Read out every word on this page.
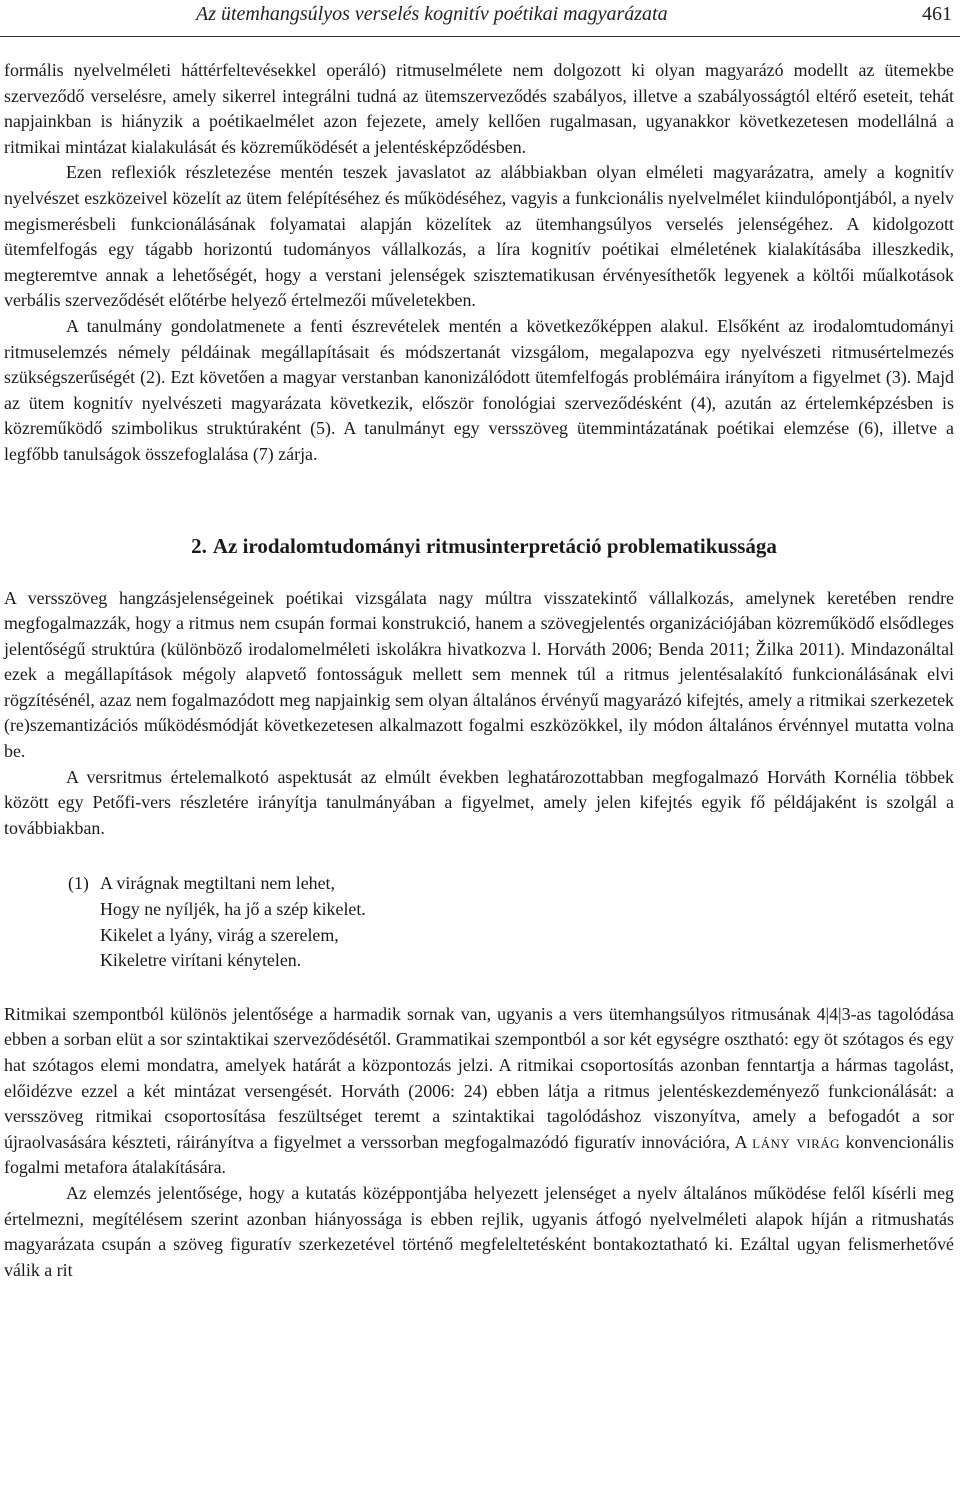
Az ütemhangsúlyos verselés kognitív poétikai magyarázata	461

formális nyelvelméleti háttérfeltevésekkel operáló) ritmuselmélete nem dolgozott ki olyan magyarázó modellt az ütemekbe szerveződő verselésre, amely sikerrel integrálni tudná az ütemszerveződés szabályos, illetve a szabályosságtól eltérő eseteit, tehát napjainkban is hiányzik a poétikaelmélet azon fejezete, amely kellően rugalmasan, ugyanakkor következetesen modellálná a ritmikai mintázat kialakulását és közreműködését a jelentésképződésben.

Ezen reflexiók részletezése mentén teszek javaslatot az alábbiakban olyan elméleti magyarázatra, amely a kognitív nyelvészet eszközeivel közelít az ütem felépítéséhez és működéséhez, vagyis a funkcionális nyelvelmélet kiindulópontjából, a nyelv megismerésbeli funkcionálásának folyamatai alapján közelítek az ütemhangsúlyos verselés jelenségéhez. A kidolgozott ütemfelfogás egy tágabb horizontú tudományos vállalkozás, a líra kognitív poétikai elméletének kialakításába illeszkedik, megteremtve annak a lehetőségét, hogy a verstani jelenségek szisztematikusan érvényesíthetők legyenek a költői műalkotások verbális szerveződését előtérbe helyező értelmezői műveletekben.

A tanulmány gondolatmenete a fenti észrevételek mentén a következőképpen alakul. Elsőként az irodalomtudományi ritmuselemzés némely példáinak megállapításait és módszertanát vizsgálom, megalapozva egy nyelvészeti ritmusértelmezés szükségszerűségét (2). Ezt követően a magyar verstanban kanonizálódott ütemfelfogás problémáira irányítom a figyelmet (3). Majd az ütem kognitív nyelvészeti magyarázata következik, először fonológiai szerveződésként (4), azután az értelemképzésben is közreműködő szimbolikus struktúraként (5). A tanulmányt egy versszöveg ütemmintázatának poétikai elemzése (6), illetve a legfőbb tanulságok összefoglalása (7) zárja.

2. Az irodalomtudományi ritmusinterpretáció problematikussága

A versszöveg hangzásjelenségeinek poétikai vizsgálata nagy múltra visszatekintő vállalkozás, amelynek keretében rendre megfogalmazzák, hogy a ritmus nem csupán formai konstrukció, hanem a szövegjelentés organizációjában közreműködő elsődleges jelentőségű struktúra (különböző irodalomelméleti iskolákra hivatkozva l. Horváth 2006; Benda 2011; Žilka 2011). Mindazonáltal ezek a megállapítások mégoly alapvető fontosságuk mellett sem mennek túl a ritmus jelentésalakító funkcionálásának elvi rögzítésénél, azaz nem fogalmazódott meg napjainkig sem olyan általános érvényű magyarázó kifejtés, amely a ritmikai szerkezetek (re)szemantizációs működésmódját következetesen alkalmazott fogalmi eszközökkel, ily módon általános érvénnyel mutatta volna be.

A versritmus értelemalkotó aspektusát az elmúlt években leghatározottabban megfogalmazó Horváth Kornélia többek között egy Petőfi-vers részletére irányítja tanulmányában a figyelmet, amely jelen kifejtés egyik fő példájaként is szolgál a továbbiakban.

(1) A virágnak megtiltani nem lehet,
Hogy ne nyíljék, ha jő a szép kikelet.
Kikelet a lyány, virág a szerelem,
Kikeletre virítani kénytelen.

Ritmikai szempontból különös jelentősége a harmadik sornak van, ugyanis a vers ütemhangsúlyos ritmusának 4|4|3-as tagolódása ebben a sorban elüt a sor szintaktikai szerveződésétől. Grammatikai szempontból a sor két egységre osztható: egy öt szótagos és egy hat szótagos elemi mondatra, amelyek határát a központozás jelzi. A ritmikai csoportosítás azonban fenntartja a hármas tagolást, előidézve ezzel a két mintázat versengését. Horváth (2006: 24) ebben látja a ritmus jelentéskezdeményező funkcionálását: a versszöveg ritmikai csoportosítása feszültséget teremt a szintaktikai tagolódáshoz viszonyítva, amely a befogadót a sor újraolvasására készteti, ráirányítva a figyelmet a verssorban megfogalmazódó figuratív innovációra, A lány virág konvencionális fogalmi metafora átalakítására.

Az elemzés jelentősége, hogy a kutatás középpontjába helyezett jelenséget a nyelv általános működése felől kísérli meg értelmezni, megítélésem szerint azonban hiányossága is ebben rejlik, ugyanis átfogó nyelvelméleti alapok híján a ritmushatás magyarázata csupán a szöveg figuratív szerkezetével történő megfeleltetésként bontakoztatható ki. Ezáltal ugyan felismerhetővé válik a rit
